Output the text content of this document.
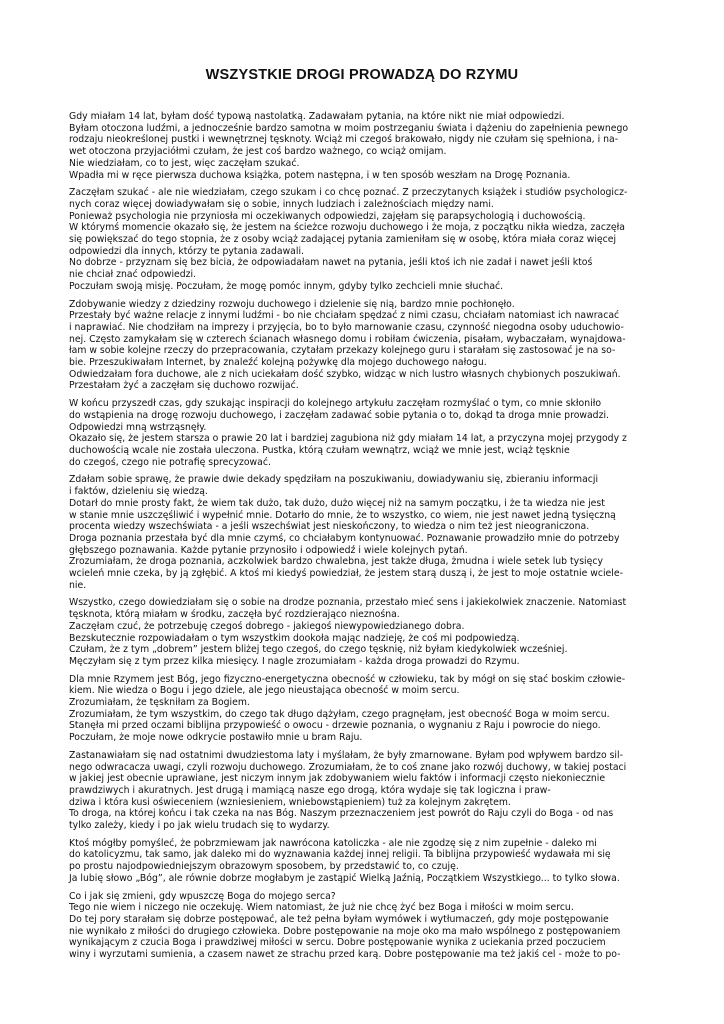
WSZYSTKIE DROGI PROWADZĄ DO RZYMU

Gdy miałam 14 lat, byłam dość typową nastolatką. Zadawałam pytania, na które nikt nie miał odpowiedzi.
Byłam otoczona ludźmi, a jednocześnie bardzo samotna w moim postrzeganiu świata i dążeniu do zapełnienia pewnego
rodzaju nieokreślonej pustki i wewnętrznej tęsknoty. Wciąż mi czegoś brakowało, nigdy nie czułam się spełniona, i na-
wet otoczona przyjaciółmi czułam, że jest coś bardzo ważnego, co wciąż omijam.
Nie wiedziałam, co to jest, więc zaczęłam szukać.
Wpadła mi w ręce pierwsza duchowa książka, potem następna, i w ten sposób weszłam na Drogę Poznania.

Zaczęłam szukać - ale nie wiedziałam, czego szukam i co chcę poznać. Z przeczytanych książek i studiów psychologicz-
nych coraz więcej dowiadywałam się o sobie, innych ludziach i zależnościach między nami.
Ponieważ psychologia nie przyniosła mi oczekiwanych odpowiedzi, zajęłam się parapsychologią i duchowością.
W którymś momencie okazało się, że jestem na ścieżce rozwoju duchowego i że moja, z początku nikła wiedza, zaczęła
się powiększać do tego stopnia, że z osoby wciąż zadającej pytania zamieniłam się w osobę, która miała coraz więcej
odpowiedzi dla innych, którzy te pytania zadawali.
No dobrze - przyznam się bez bicia, że odpowiadałam nawet na pytania, jeśli ktoś ich nie zadał i nawet jeśli ktoś
nie chciał znać odpowiedzi.
Poczułam swoją misję. Poczułam, że mogę pomóc innym, gdyby tylko zechcieli mnie słuchać.

Zdobywanie wiedzy z dziedziny rozwoju duchowego i dzielenie się nią, bardzo mnie pochłonęło.
Przestały być ważne relacje z innymi ludźmi - bo nie chciałam spędzać z nimi czasu, chciałam natomiast ich nawracać
i naprawiać. Nie chodziłam na imprezy i przyjęcia, bo to było marnowanie czasu, czynność niegodna osoby uduchowio-
nej. Często zamykałam się w czterech ścianach własnego domu i robiłam ćwiczenia, pisałam, wybaczałam, wynajdowa-
łam w sobie kolejne rzeczy do przepracowania, czytałam przekazy kolejnego guru i starałam się zastosować je na so-
bie. Przeszukiwałam Internet, by znaleźć kolejną pożywkę dla mojego duchowego nałogu.
Odwiedzałam fora duchowe, ale z nich uciekałam dość szybko, widząc w nich lustro własnych chybionych poszukiwań.
Przestałam żyć a zaczęłam się duchowo rozwijać.

W końcu przyszedł czas, gdy szukając inspiracji do kolejnego artykułu zaczęłam rozmyślać o tym, co mnie skłoniło
do wstąpienia na drogę rozwoju duchowego, i zaczęłam zadawać sobie pytania o to, dokąd ta droga mnie prowadzi.
Odpowiedzi mną wstrząsnęły.
Okazało się, że jestem starsza o prawie 20 lat i bardziej zagubiona niż gdy miałam 14 lat, a przyczyna mojej przygody z
duchowością wcale nie została uleczona. Pustka, którą czułam wewnątrz, wciąż we mnie jest, wciąż tęsknie
do czegoś, czego nie potrafię sprecyzować.

Zdałam sobie sprawę, że prawie dwie dekady spędziłam na poszukiwaniu, dowiadywaniu się, zbieraniu informacji
i faktów, dzieleniu się wiedzą.
Dotarł do mnie prosty fakt, że wiem tak dużo, tak dużo, dużo więcej niż na samym początku, i że ta wiedza nie jest
w stanie mnie uszczęśliwić i wypełnić mnie. Dotarło do mnie, że to wszystko, co wiem, nie jest nawet jedną tysięczną
procenta wiedzy wszechświata - a jeśli wszechświat jest nieskończony, to wiedza o nim też jest nieograniczona.
Droga poznania przestała być dla mnie czymś, co chciałabym kontynuować. Poznawanie prowadziło mnie do potrzeby
głębszego poznawania. Każde pytanie przynosiło i odpowiedź i wiele kolejnych pytań.
Zrozumiałam, że droga poznania, aczkolwiek bardzo chwalebna, jest także długa, żmudna i wiele setek lub tysięcy
wcieleń mnie czeka, by ją zgłębić. A ktoś mi kiedyś powiedział, że jestem starą duszą i, że jest to moje ostatnie wciele-
nie.

Wszystko, czego dowiedziałam się o sobie na drodze poznania, przestało mieć sens i jakiekolwiek znaczenie. Natomiast
tęsknota, którą miałam w środku, zaczęła być rozdzierająco nieznośna.
Zaczęłam czuć, że potrzebuję czegoś dobrego - jakiegoś niewypowiedzianego dobra.
Bezskutecznie rozpowiadałam o tym wszystkim dookoła mając nadzieję, że coś mi podpowiedzą.
Czułam, że z tym „dobrem” jestem bliżej tego czegoś, do czego tęsknię, niż byłam kiedykolwiek wcześniej.
Męczyłam się z tym przez kilka miesięcy. I nagle zrozumiałam - każda droga prowadzi do Rzymu.

Dla mnie Rzymem jest Bóg, jego fizyczno-energetyczna obecność w człowieku, tak by mógł on się stać boskim człowie-
kiem. Nie wiedza o Bogu i jego dziele, ale jego nieustająca obecność w moim sercu.
Zrozumiałam, że tęskniłam za Bogiem.
Zrozumiałam, że tym wszystkim, do czego tak długo dążyłam, czego pragnęłam, jest obecność Boga w moim sercu.
Stanęła mi przed oczami biblijna przypowieść o owocu - drzewie poznania, o wygnaniu z Raju i powrocie do niego.
Poczułam, że moje nowe odkrycie postawiło mnie u bram Raju.

Zastanawiałam się nad ostatnimi dwudziestoma laty i myślałam, że były zmarnowane. Byłam pod wpływem bardzo sil-
nego odwracacza uwagi, czyli rozwoju duchowego. Zrozumiałam, że to coś znane jako rozwój duchowy, w takiej postaci
w jakiej jest obecnie uprawiane, jest niczym innym jak zdobywaniem wielu faktów i informacji często niekoniecznie
prawdziwych i akuratnych. Jest drugą i mamiącą nasze ego drogą, która wydaje się tak logiczna i praw-
dziwa i która kusi oświeceniem (wzniesieniem, wniebowstąpieniem) tuż za kolejnym zakrętem.
To droga, na której końcu i tak czeka na nas Bóg. Naszym przeznaczeniem jest powrót do Raju czyli do Boga - od nas
tylko zależy, kiedy i po jak wielu trudach się to wydarzy.

Ktoś mógłby pomyśleć, że pobrzmiewam jak nawrócona katoliczka - ale nie zgodzę się z nim zupełnie - daleko mi
do katolicyzmu, tak samo, jak daleko mi do wyznawania każdej innej religii. Ta biblijna przypowieść wydawała mi się
po prostu najodpowiedniejszym obrazowym sposobem, by przedstawić to, co czuję.
Ja lubię słowo „Bóg”, ale równie dobrze mogłabym je zastąpić Wielką Jaźnią, Początkiem Wszystkiego... to tylko słowa.

Co i jak się zmieni, gdy wpuszczę Boga do mojego serca?
Tego nie wiem i niczego nie oczekuję. Wiem natomiast, że już nie chcę żyć bez Boga i miłości w moim sercu.
Do tej pory starałam się dobrze postępować, ale też pełna byłam wymówek i wytłumaczeń, gdy moje postępowanie
nie wynikało z miłości do drugiego człowieka. Dobre postępowanie na moje oko ma mało wspólnego z postępowaniem
wynikającym z czucia Boga i prawdziwej miłości w sercu. Dobre postępowanie wynika z uciekania przed poczuciem
winy i wyrzutami sumienia, a czasem nawet ze strachu przed karą. Dobre postępowanie ma też jakiś cel - może to po-
